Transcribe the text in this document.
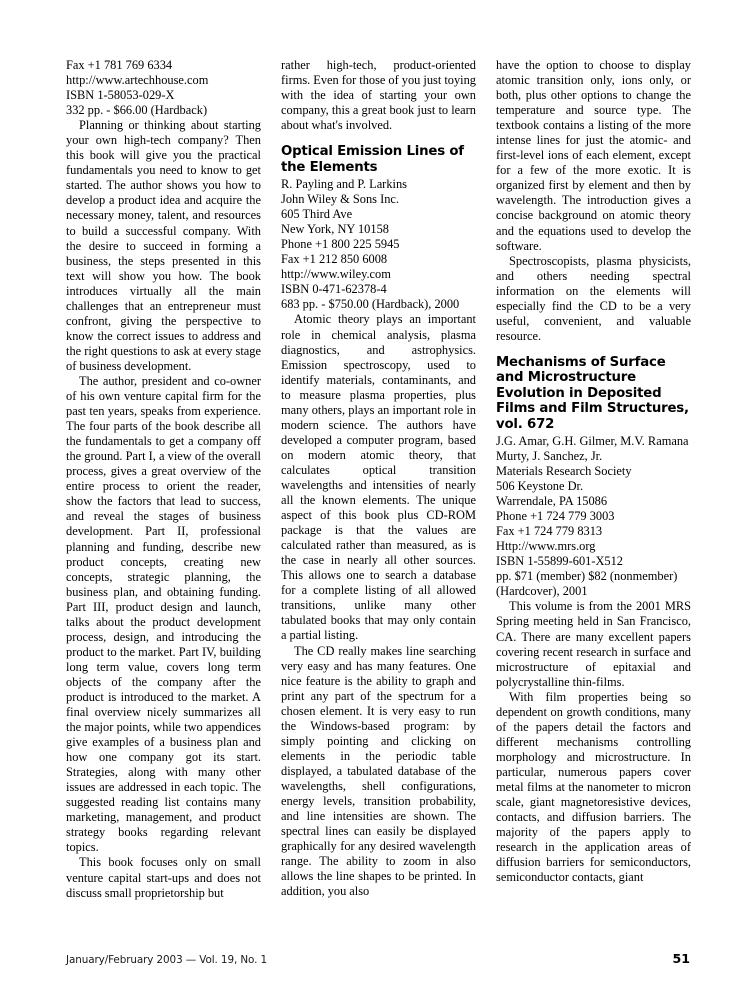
Fax +1 781 769 6334

http://www.artechhouse.com

ISBN 1-58053-029-X

332 pp. - $66.00 (Hardback)

Planning or thinking about starting your own high-tech company? Then this book will give you the practical fundamentals you need to know to get started. The author shows you how to develop a product idea and acquire the necessary money, talent, and resources to build a successful company. With the desire to succeed in forming a business, the steps presented in this text will show you how. The book introduces virtually all the main challenges that an entrepreneur must confront, giving the perspective to know the correct issues to address and the right questions to ask at every stage of business development.

The author, president and co-owner of his own venture capital firm for the past ten years, speaks from experience. The four parts of the book describe all the fundamentals to get a company off the ground. Part I, a view of the overall process, gives a great overview of the entire process to orient the reader, show the factors that lead to success, and reveal the stages of business development. Part II, professional planning and funding, describe new product concepts, creating new concepts, strategic planning, the business plan, and obtaining funding. Part III, product design and launch, talks about the product development process, design, and introducing the product to the market. Part IV, building long term value, covers long term objects of the company after the product is introduced to the market. A final overview nicely summarizes all the major points, while two appendices give examples of a business plan and how one company got its start. Strategies, along with many other issues are addressed in each topic. The suggested reading list contains many marketing, management, and product strategy books regarding relevant topics.

This book focuses only on small venture capital start-ups and does not discuss small proprietorship but

rather high-tech, product-oriented firms. Even for those of you just toying with the idea of starting your own company, this a great book just to learn about what's involved.

Optical Emission Lines of the Elements

R. Payling and P. Larkins

John Wiley & Sons Inc.

605 Third Ave

New York, NY 10158

Phone +1 800 225 5945

Fax +1 212 850 6008

http://www.wiley.com

ISBN 0-471-62378-4

683 pp. - $750.00 (Hardback), 2000

Atomic theory plays an important role in chemical analysis, plasma diagnostics, and astrophysics. Emission spectroscopy, used to identify materials, contaminants, and to measure plasma properties, plus many others, plays an important role in modern science. The authors have developed a computer program, based on modern atomic theory, that calculates optical transition wavelengths and intensities of nearly all the known elements. The unique aspect of this book plus CD-ROM package is that the values are calculated rather than measured, as is the case in nearly all other sources. This allows one to search a database for a complete listing of all allowed transitions, unlike many other tabulated books that may only contain a partial listing.

The CD really makes line searching very easy and has many features. One nice feature is the ability to graph and print any part of the spectrum for a chosen element. It is very easy to run the Windows-based program: by simply pointing and clicking on elements in the periodic table displayed, a tabulated database of the wavelengths, shell configurations, energy levels, transition probability, and line intensities are shown. The spectral lines can easily be displayed graphically for any desired wavelength range. The ability to zoom in also allows the line shapes to be printed. In addition, you also

have the option to choose to display atomic transition only, ions only, or both, plus other options to change the temperature and source type. The textbook contains a listing of the more intense lines for just the atomic- and first-level ions of each element, except for a few of the more exotic. It is organized first by element and then by wavelength. The introduction gives a concise background on atomic theory and the equations used to develop the software.

Spectroscopists, plasma physicists, and others needing spectral information on the elements will especially find the CD to be a very useful, convenient, and valuable resource.

Mechanisms of Surface and Microstructure Evolution in Deposited Films and Film Structures, vol. 672

J.G. Amar, G.H. Gilmer, M.V. Ramana Murty, J. Sanchez, Jr.

Materials Research Society

506 Keystone Dr.

Warrendale, PA 15086

Phone +1 724 779 3003

Fax +1 724 779 8313

Http://www.mrs.org

ISBN 1-55899-601-X512

pp. $71 (member) $82 (nonmember) (Hardcover), 2001

This volume is from the 2001 MRS Spring meeting held in San Francisco, CA. There are many excellent papers covering recent research in surface and microstructure of epitaxial and polycrystalline thin-films.

With film properties being so dependent on growth conditions, many of the papers detail the factors and different mechanisms controlling morphology and microstructure. In particular, numerous papers cover metal films at the nanometer to micron scale, giant magnetoresistive devices, contacts, and diffusion barriers. The majority of the papers apply to research in the application areas of diffusion barriers for semiconductors, semiconductor contacts, giant

January/February 2003 — Vol. 19, No. 1	51
